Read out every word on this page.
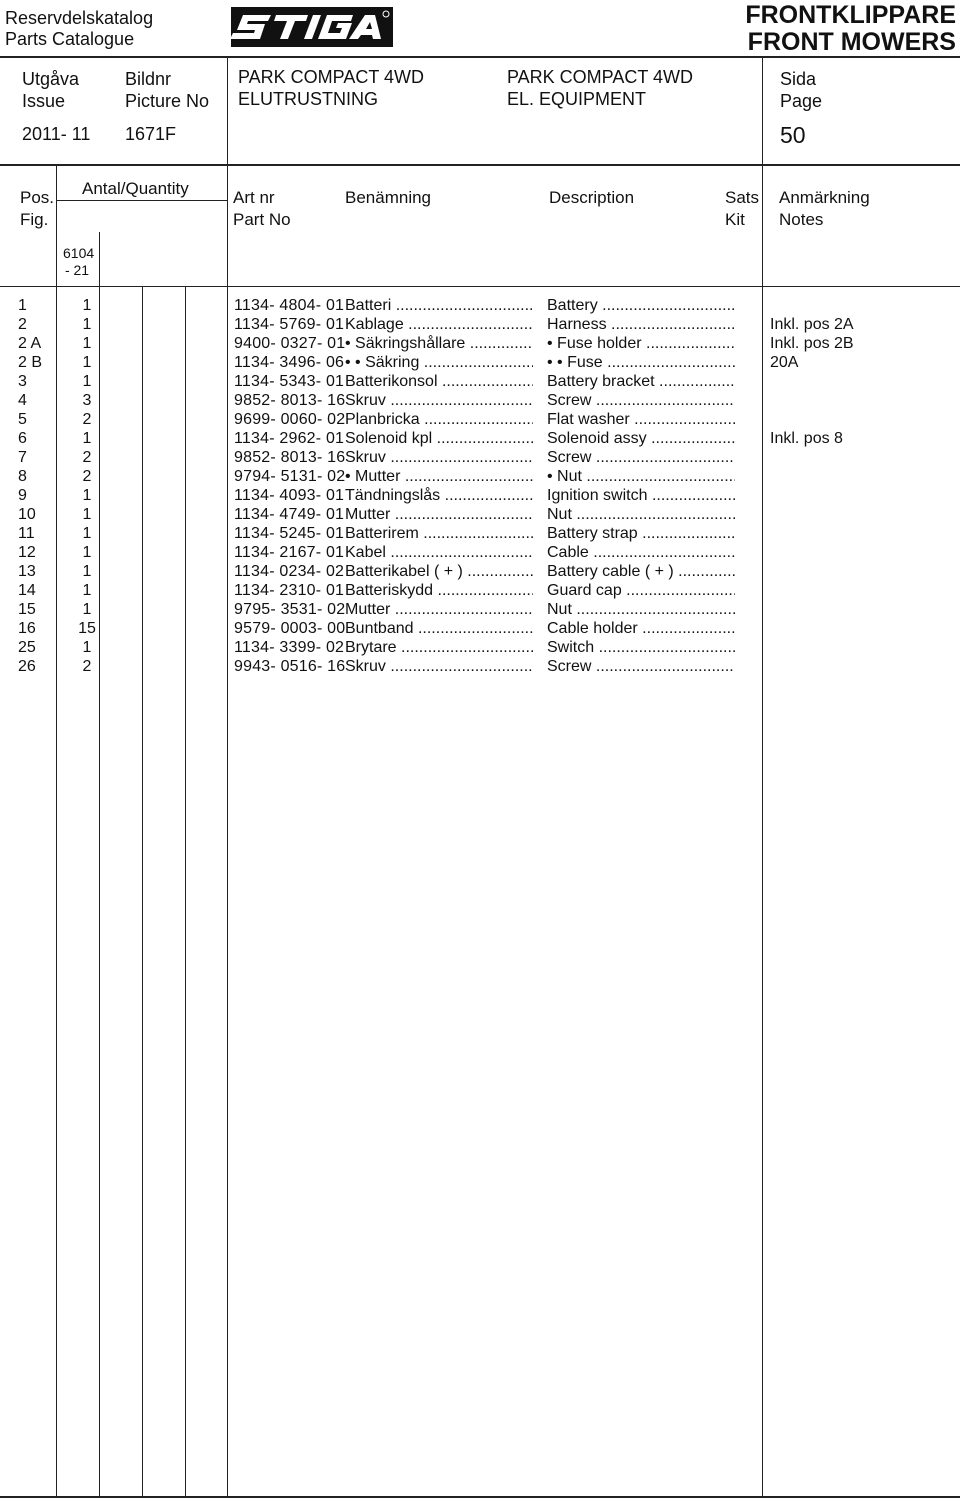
Reservdelskatalog
Parts Catalogue
FRONTKLIPPARE
FRONT MOWERS
Utgåva
Issue
2011- 11
Bildnr
Picture No
1671F
PARK COMPACT 4WD
ELUTRUSTNING
PARK COMPACT 4WD
EL. EQUIPMENT
Sida
Page
50
Pos.
Fig.
Antal/Quantity
6104
- 21
Art nr
Part No
Benämning	Description	Sats
Kit
Anmärkning
Notes
1	1	1134- 4804- 01 Batteri .....	Battery .....
2	1	1134- 5769- 01 Kablage .....	Harness .....	Inkl. pos 2A
2 A	1	9400- 0327- 01 • Säkringshållare .....	• Fuse holder .....	Inkl. pos 2B
2 B	1	1134- 3496- 06 • • Säkring .....	• • Fuse .....	20A
3	1	1134- 5343- 01 Batterikonsol .....	Battery bracket .....
4	3	9852- 8013- 16 Skruv .....	Screw .....
5	2	9699- 0060- 02 Planbricka .....	Flat washer .....
6	1	1134- 2962- 01 Solenoid kpl .....	Solenoid assy .....	Inkl. pos 8
7	2	9852- 8013- 16 Skruv .....	Screw .....
8	2	9794- 5131- 02 • Mutter .....	• Nut .....
9	1	1134- 4093- 01 Tändningslås .....	Ignition switch .....
10	1	1134- 4749- 01 Mutter .....	Nut .....
11	1	1134- 5245- 01 Batterirem .....	Battery strap .....
12	1	1134- 2167- 01 Kabel .....	Cable .....
13	1	1134- 0234- 02 Batterikabel ( + ) .....	Battery cable ( + ) .....
14	1	1134- 2310- 01 Batteriskydd .....	Guard cap .....
15	1	9795- 3531- 02 Mutter .....	Nut .....
16	15	9579- 0003- 00 Buntband .....	Cable holder .....
25	1	1134- 3399- 02 Brytare .....	Switch .....
26	2	9943- 0516- 16 Skruv .....	Screw .....
